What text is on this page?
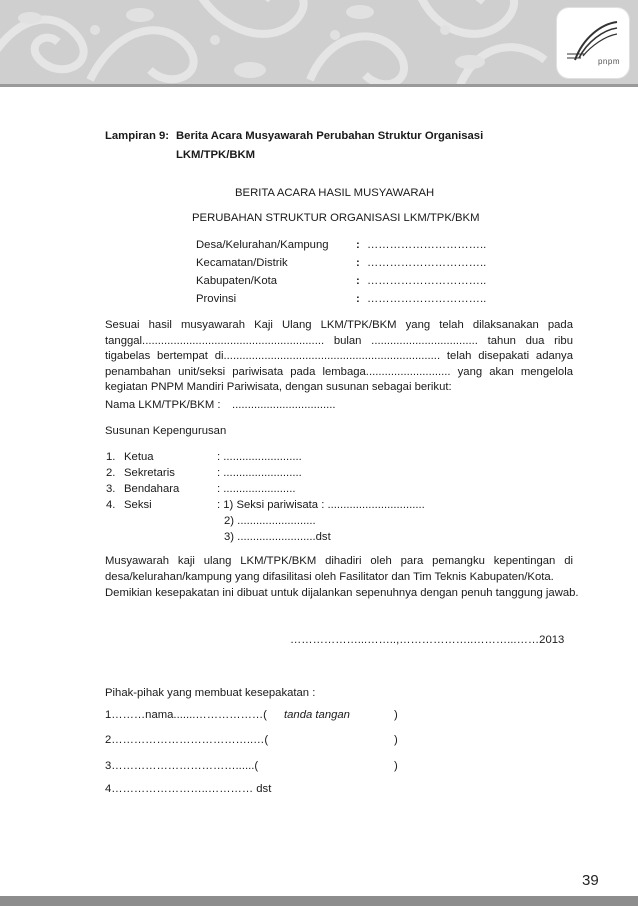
pnpm
Lampiran 9: Berita Acara Musyawarah Perubahan Struktur Organisasi
LKM/TPK/BKM
BERITA ACARA HASIL MUSYAWARAH
PERUBAHAN STRUKTUR ORGANISASI LKM/TPK/BKM
Desa/Kelurahan/Kampung : …………………………..
Kecamatan/Distrik	: …………………………..
Kabupaten/Kota	: …………………………..
Provinsi	: …………………………..
Sesuai hasil musyawarah Kaji Ulang LKM/TPK/BKM yang telah dilaksanakan pada tanggal.......................................................... bulan .................................. tahun dua ribu tigabelas bertempat di..................................................................... telah disepakati adanya penambahan unit/seksi pariwisata pada lembaga........................... yang akan mengelola kegiatan PNPM Mandiri Pariwisata, dengan susunan sebagai berikut:
Nama LKM/TPK/BKM : .................................
Susunan Kepengurusan
1. Ketua	: .........................
2. Sekretaris	: .........................
3. Bendahara	: .......................
4. Seksi	: 1) Seksi pariwisata : ...............................
2) .........................
3) .........................dst
Musyawarah kaji ulang LKM/TPK/BKM dihadiri oleh para pemangku kepentingan di desa/kelurahan/kampung yang difasilitasi oleh Fasilitator dan Tim Teknis Kabupaten/Kota.
Demikian kesepakatan ini dibuat untuk dijalankan sepenuhnya dengan penuh tanggung jawab.
………………...……..,………………..………...……2013
Pihak-pihak yang membuat kesepakatan :
1………nama.......………………( tanda tangan	)
2………………………………..…(	)
3……………………………......(	)
4……………………..………… dst
39
